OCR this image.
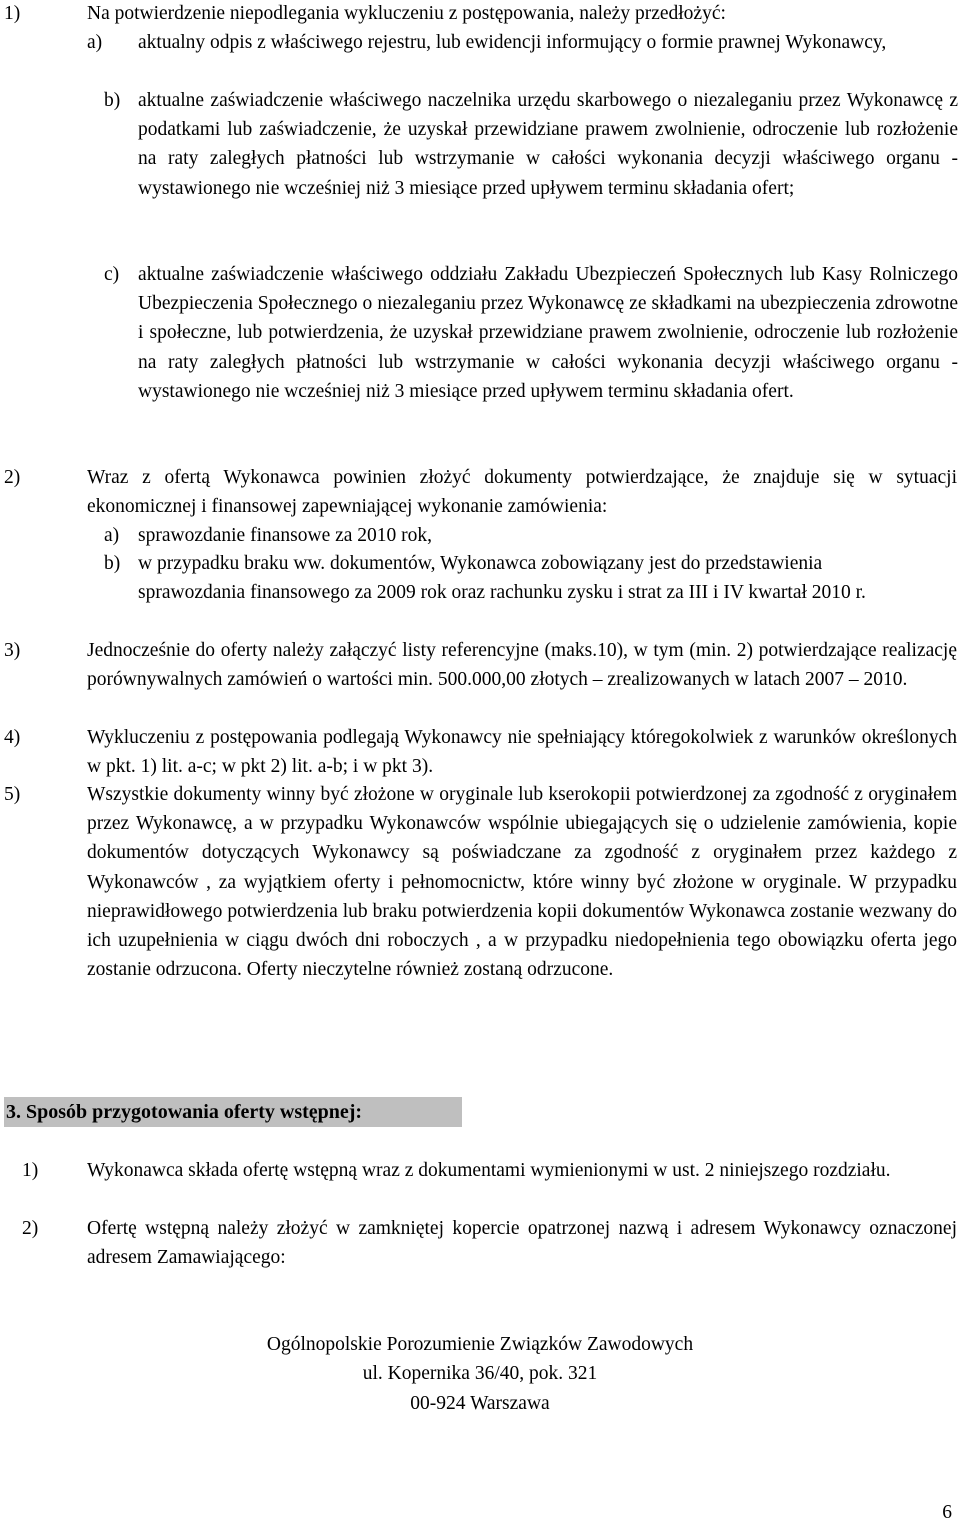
1)	Na potwierdzenie niepodlegania wykluczeniu z postępowania, należy przedłożyć:
a) aktualny odpis z właściwego rejestru, lub ewidencji informujący o formie prawnej Wykonawcy,
b) aktualne zaświadczenie właściwego naczelnika urzędu skarbowego o niezaleganiu przez Wykonawcę z podatkami lub zaświadczenie, że uzyskał przewidziane prawem zwolnienie, odroczenie lub rozłożenie na raty zaległych płatności lub wstrzymanie w całości wykonania decyzji właściwego organu - wystawionego nie wcześniej niż 3 miesiące przed upływem terminu składania ofert;
c) aktualne zaświadczenie właściwego oddziału Zakładu Ubezpieczeń Społecznych lub Kasy Rolniczego Ubezpieczenia Społecznego o niezaleganiu przez Wykonawcę ze składkami na ubezpieczenia zdrowotne i społeczne, lub potwierdzenia, że uzyskał przewidziane prawem zwolnienie, odroczenie lub rozłożenie na raty zaległych płatności lub wstrzymanie w całości wykonania decyzji właściwego organu - wystawionego nie wcześniej niż 3 miesiące przed upływem terminu składania ofert.
2)	Wraz z ofertą Wykonawca powinien złożyć dokumenty potwierdzające, że znajduje się w sytuacji ekonomicznej i finansowej zapewniającej wykonanie zamówienia:
a) sprawozdanie finansowe za 2010 rok,
b) w przypadku braku ww. dokumentów, Wykonawca zobowiązany jest do przedstawienia sprawozdania finansowego za 2009 rok oraz rachunku zysku i strat za III i IV kwartał 2010 r.
3)	Jednocześnie do oferty należy załączyć listy referencyjne (maks.10), w tym (min. 2) potwierdzające realizację porównywalnych zamówień o wartości min. 500.000,00 złotych – zrealizowanych w latach 2007 – 2010.
4)	Wykluczeniu z postępowania podlegają Wykonawcy nie spełniający któregokolwiek z warunków określonych w pkt. 1) lit. a-c; w pkt 2) lit. a-b; i w pkt 3).
5)	Wszystkie dokumenty winny być złożone w oryginale lub kserokopii potwierdzonej za zgodność z oryginałem przez Wykonawcę, a w przypadku Wykonawców wspólnie ubiegających się o udzielenie zamówienia, kopie dokumentów dotyczących Wykonawcy są poświadczane za zgodność z oryginałem przez każdego z Wykonawców , za wyjątkiem oferty i pełnomocnictw, które winny być złożone w oryginale. W przypadku nieprawidłowego potwierdzenia lub braku potwierdzenia kopii dokumentów Wykonawca zostanie wezwany do ich uzupełnienia w ciągu dwóch dni roboczych , a w przypadku niedopełnienia tego obowiązku oferta jego zostanie odrzucona. Oferty nieczytelne również zostaną odrzucone.
3. Sposób przygotowania oferty wstępnej:
1)	Wykonawca składa ofertę wstępną wraz z dokumentami wymienionymi w ust. 2 niniejszego rozdziału.
2)	Ofertę wstępną należy złożyć w zamkniętej kopercie opatrzonej nazwą i adresem Wykonawcy oznaczonej adresem Zamawiającego:
Ogólnopolskie Porozumienie Związków Zawodowych
ul. Kopernika 36/40, pok. 321
00-924 Warszawa
6
